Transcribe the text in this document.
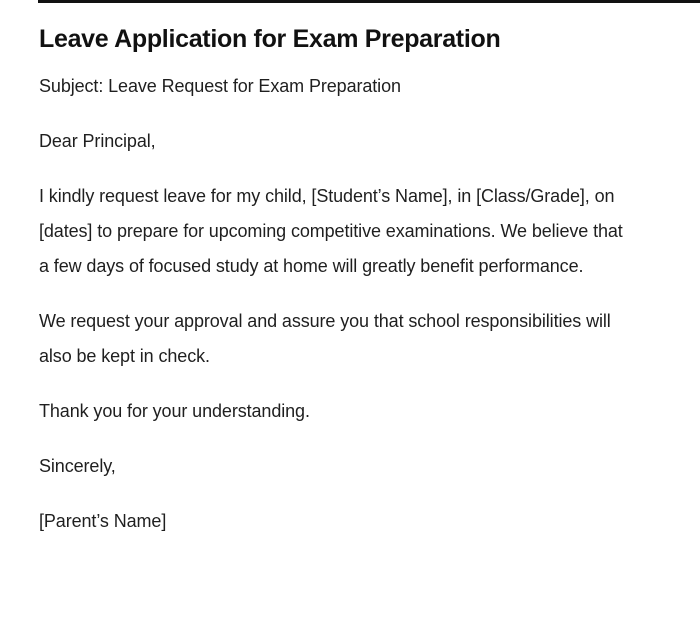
Leave Application for Exam Preparation

Subject: Leave Request for Exam Preparation

Dear Principal,

I kindly request leave for my child, [Student’s Name], in [Class/Grade], on [dates] to prepare for upcoming competitive examinations. We believe that a few days of focused study at home will greatly benefit performance.

We request your approval and assure you that school responsibilities will also be kept in check.

Thank you for your understanding.

Sincerely,

[Parent’s Name]
